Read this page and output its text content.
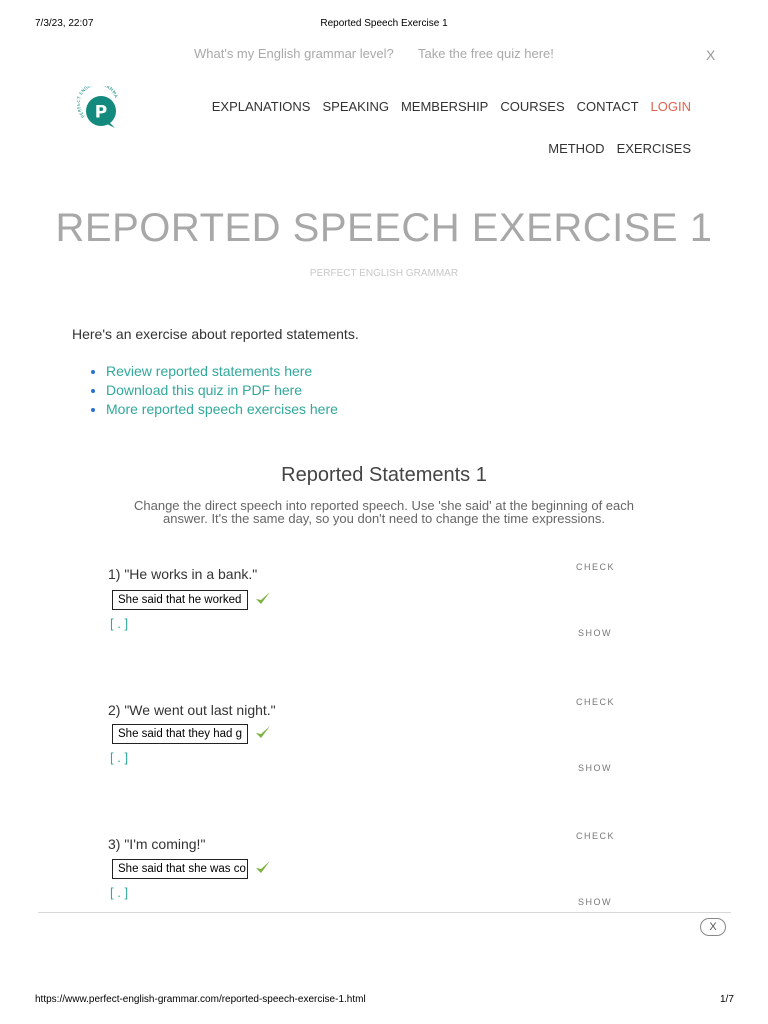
7/3/23, 22:07	Reported Speech Exercise 1
What's my English grammar level? Take the free quiz here!	X
PERFECT ENGLI RAMMA
P	EXPLANATIONS SPEAKING MEMBERSHIP COURSES CONTACT LOGIN
METHOD EXERCISES
REPORTED SPEECH EXERCISE 1
PERFECT ENGLISH GRAMMAR
Here's an exercise about reported statements.
• Review reported statements here
• Download this quiz in PDF here
• More reported speech exercises here
Reported Statements 1
Change the direct speech into reported speech. Use 'she said' at the beginning of each
answer. It's the same day, so you don't need to change the time expressions.
1) "He works in a bank."
She said that he worked
[ . ]
CHECK
SHOW
2) "We went out last night."
She said that they had g
[ . ]
CHECK
SHOW
3) "I'm coming!"
She said that she was co
[ . ]
CHECK
SHOW
X
https://www.perfect-english-grammar.com/reported-speech-exercise-1.html	1/7
